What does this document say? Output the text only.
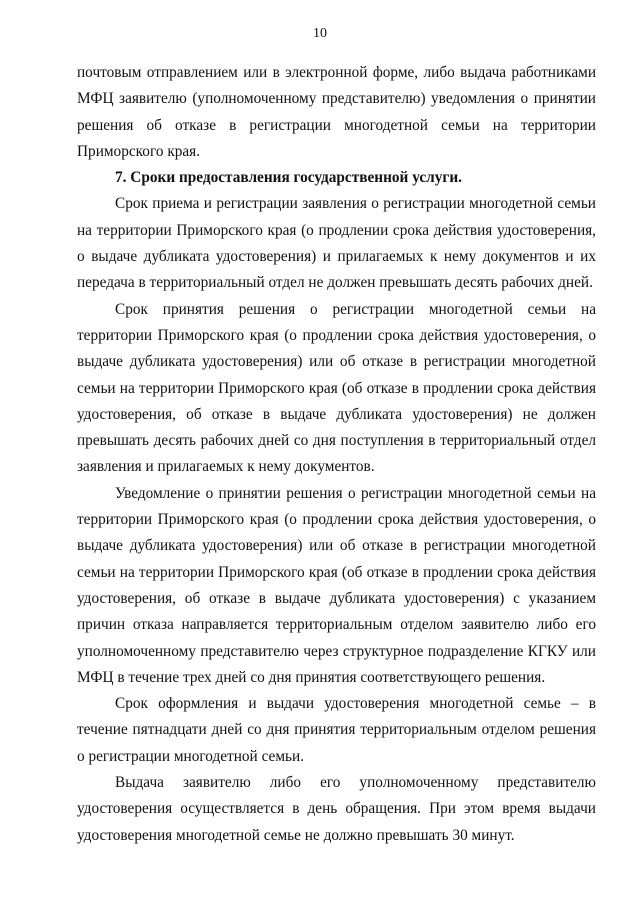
10

почтовым отправлением или в электронной форме, либо выдача работниками МФЦ заявителю (уполномоченному представителю) уведомления о принятии решения об отказе в регистрации многодетной семьи на территории Приморского края.

7. Сроки предоставления государственной услуги.

Срок приема и регистрации заявления о регистрации многодетной семьи на территории Приморского края (о продлении срока действия удостоверения, о выдаче дубликата удостоверения) и прилагаемых к нему документов и их передача в территориальный отдел не должен превышать десять рабочих дней.

Срок принятия решения о регистрации многодетной семьи на территории Приморского края (о продлении срока действия удостоверения, о выдаче дубликата удостоверения) или об отказе в регистрации многодетной семьи на территории Приморского края (об отказе в продлении срока действия удостоверения, об отказе в выдаче дубликата удостоверения) не должен превышать десять рабочих дней со дня поступления в территориальный отдел заявления и прилагаемых к нему документов.

Уведомление о принятии решения о регистрации многодетной семьи на территории Приморского края (о продлении срока действия удостоверения, о выдаче дубликата удостоверения) или об отказе в регистрации многодетной семьи на территории Приморского края (об отказе в продлении срока действия удостоверения, об отказе в выдаче дубликата удостоверения) с указанием причин отказа направляется территориальным отделом заявителю либо его уполномоченному представителю через структурное подразделение КГКУ или МФЦ в течение трех дней со дня принятия соответствующего решения.

Срок оформления и выдачи удостоверения многодетной семье – в течение пятнадцати дней со дня принятия территориальным отделом решения о регистрации многодетной семьи.

Выдача заявителю либо его уполномоченному представителю удостоверения осуществляется в день обращения. При этом время выдачи удостоверения многодетной семье не должно превышать 30 минут.
